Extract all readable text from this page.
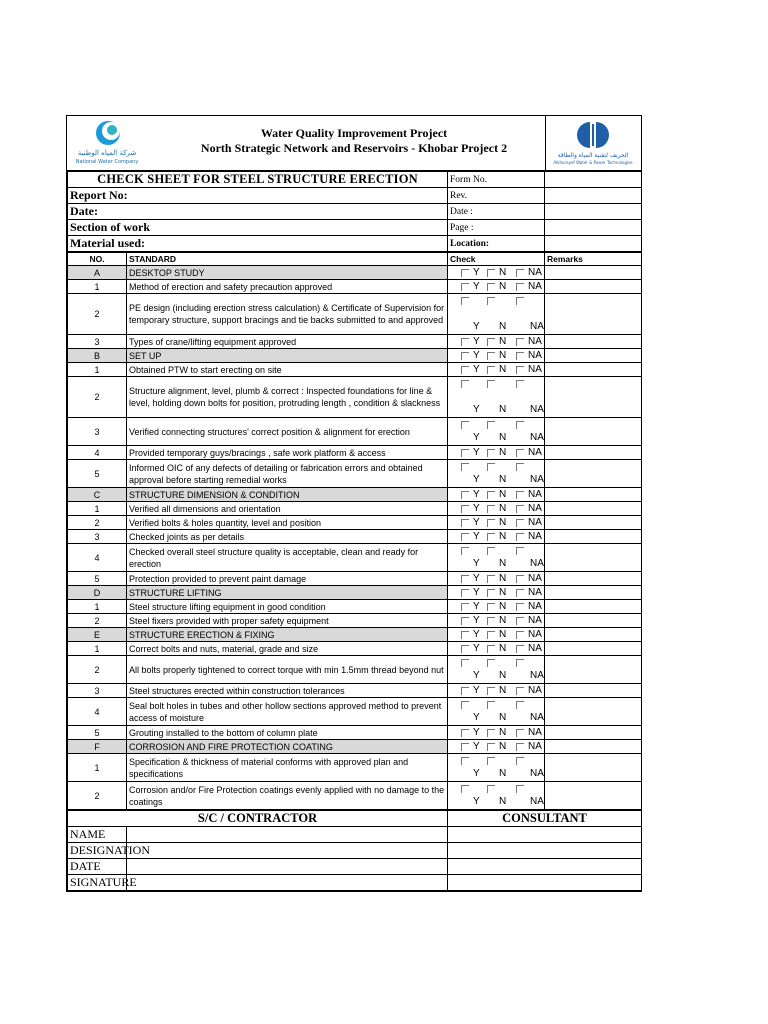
شركة المياه الوطنية
National Water Company
Water Quality Improvement Project
North Strategic Network and Reservoirs - Khobar Project 2
الخريف لتقنية المياه والطاقة
Alkhorayef Water & Power Technologies
CHECK SHEET FOR STEEL STRUCTURE ERECTION	Form No.	
Report No:	Rev.	
Date:	Date :	
Section of work	Page :	
Material used:	Location:	
NO.	STANDARD	Check	Remarks
A	DESKTOP STUDY	Y N NA	

1	Method of erection and safety precaution approved	Y N NA	

2	PE design (including erection stress calculation) & Certificate of Supervision for temporary structure, support bracings and tie backs submitted to and approved	Y N NA	

3	Types of crane/lifting equipment approved	Y N NA	

B	SET UP	Y N NA	

1	Obtained PTW to start erecting on site	Y N NA	

2	Structure alignment, level, plumb & correct : Inspected foundations for line & level, holding down bolts for position, protruding length , condition & slackness	Y N NA	

3	Verified connecting structures' correct position & alignment for erection	Y N NA	

4	Provided temporary guys/bracings , safe work platform & access	Y N NA	

5	Informed OIC of any defects of detailing or fabrication errors and obtained approval before starting remedial works	Y N NA	

C	STRUCTURE DIMENSION & CONDITION	Y N NA	

1	Verified all dimensions and orientation	Y N NA	

2	Verified bolts & holes quantity, level and position	Y N NA	

3	Checked joints as per details	Y N NA	

4	Checked overall steel structure quality is acceptable, clean and ready for erection	Y N NA	

5	Protection provided to prevent paint damage	Y N NA	

D	STRUCTURE LIFTING	Y N NA	

1	Steel structure lifting equipment in good condition	Y N NA	

2	Steel fixers provided with proper safety equipment	Y N NA	

E	STRUCTURE ERECTION & FIXING	Y N NA	

1	Correct bolts and nuts, material, grade and size	Y N NA	

2	All bolts properly tightened to correct torque with min 1.5mm thread beyond nut	Y N NA	

3	Steel structures erected within construction tolerances	Y N NA	

4	Seal bolt holes in tubes and other hollow sections approved method to prevent access of moisture	Y N NA	

5	Grouting installed to the bottom of column plate	Y N NA	

F	CORROSION AND FIRE PROTECTION COATING	Y N NA	

1	Specification & thickness of material conforms with approved plan and specifications	Y N NA	

2	Corrosion and/or Fire Protection coatings evenly applied with no damage to the coatings	Y N NA	

S/C / CONTRACTOR		CONSULTANT
NAME		
DESIGNATION		
DATE		
SIGNATURE		
